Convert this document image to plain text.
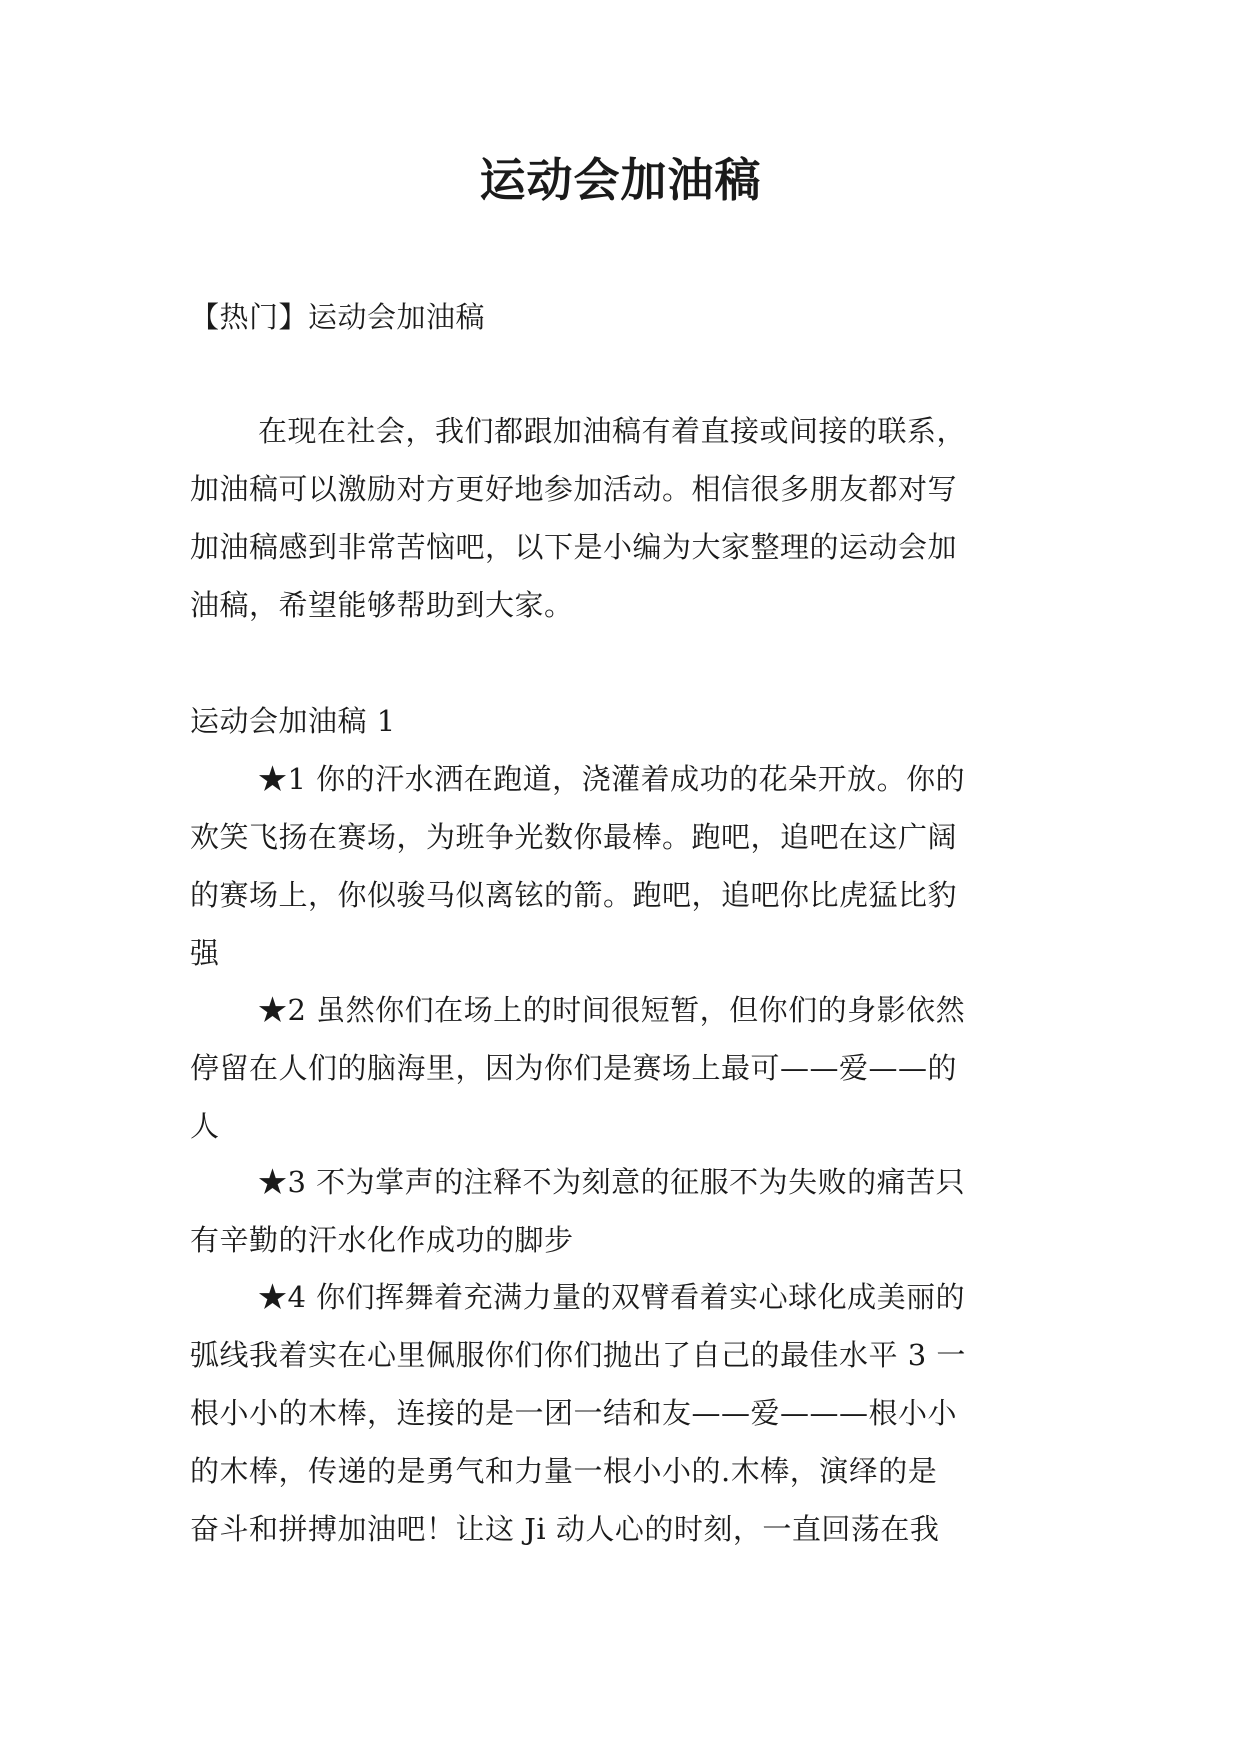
运动会加油稿
【热门】运动会加油稿
在现在社会，我们都跟加油稿有着直接或间接的联系，
加油稿可以激励对方更好地参加活动。相信很多朋友都对写
加油稿感到非常苦恼吧，以下是小编为大家整理的运动会加
油稿，希望能够帮助到大家。
运动会加油稿 1
★1 你的汗水洒在跑道，浇灌着成功的花朵开放。你的
欢笑飞扬在赛场，为班争光数你最棒。跑吧，追吧在这广阔
的赛场上，你似骏马似离铉的箭。跑吧，追吧你比虎猛比豹
强
★2 虽然你们在场上的时间很短暂，但你们的身影依然
停留在人们的脑海里，因为你们是赛场上最可——爱——的
人
★3 不为掌声的注释不为刻意的征服不为失败的痛苦只
有辛勤的汗水化作成功的脚步
★4 你们挥舞着充满力量的双臂看着实心球化成美丽的
弧线我着实在心里佩服你们你们抛出了自己的最佳水平 3 一
根小小的木棒，连接的是一团一结和友——爱———根小小
的木棒，传递的是勇气和力量一根小小的.木棒，演绎的是
奋斗和拼搏加油吧！让这 Ji 动人心的时刻，一直回荡在我
